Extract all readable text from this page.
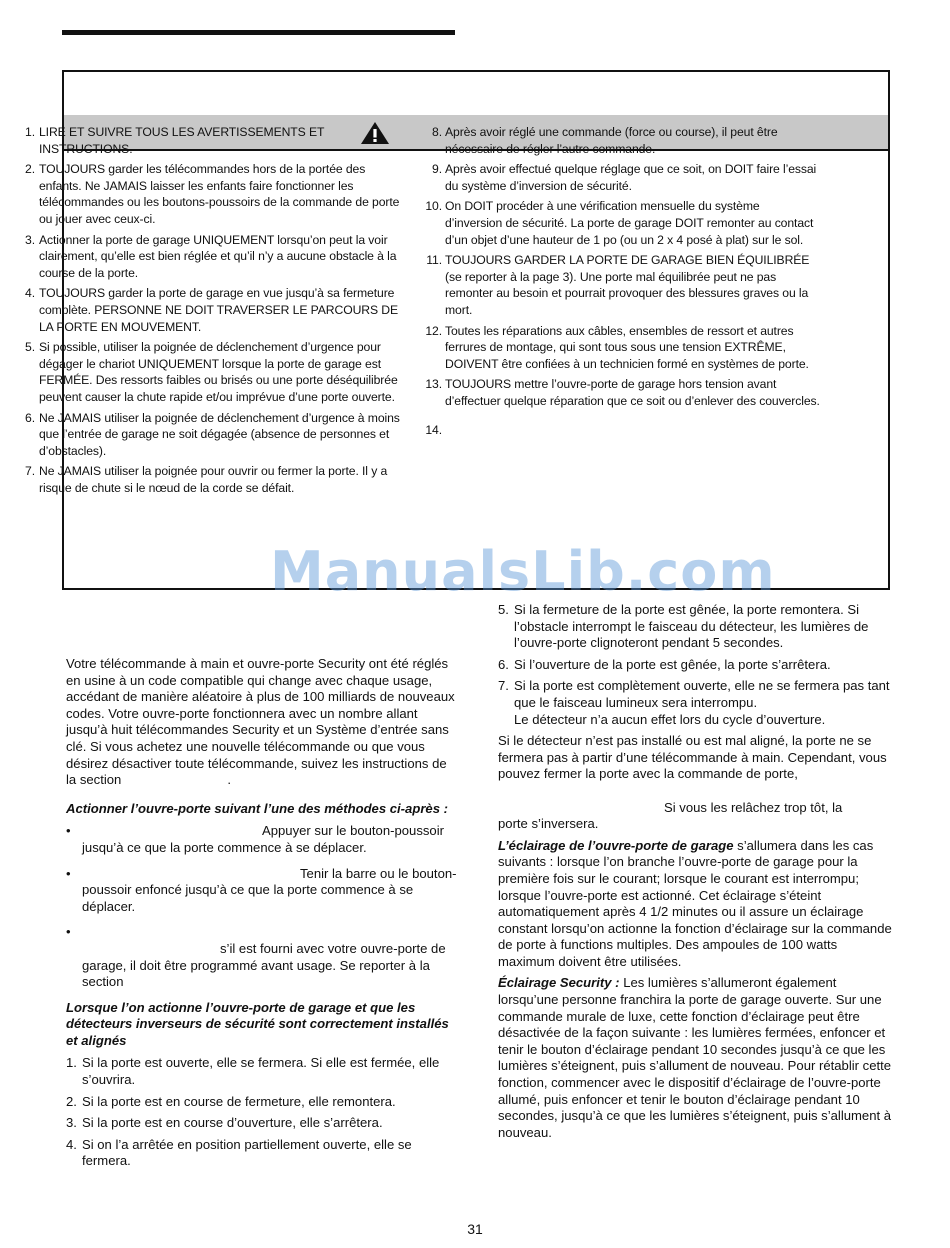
1. LIRE ET SUIVRE TOUS LES AVERTISSEMENTS ET INSTRUCTIONS.
2. TOUJOURS garder les télécommandes hors de la portée des enfants. Ne JAMAIS laisser les enfants faire fonctionner les télécommandes ou les boutons-poussoirs de la commande de porte ou jouer avec ceux-ci.
3. Actionner la porte de garage UNIQUEMENT lorsqu’on peut la voir clairement, qu’elle est bien réglée et qu’il n’y a aucune obstacle à la course de la porte.
4. TOUJOURS garder la porte de garage en vue jusqu’à sa fermeture complète. PERSONNE NE DOIT TRAVERSER LE PARCOURS DE LA PORTE EN MOUVEMENT.
5. Si possible, utiliser la poignée de déclenchement d’urgence pour dégager le chariot UNIQUEMENT lorsque la porte de garage est FERMÉE. Des ressorts faibles ou brisés ou une porte déséquilibrée peuvent causer la chute rapide et/ou imprévue d’une porte ouverte.
6. Ne JAMAIS utiliser la poignée de déclenchement d’urgence à moins que l’entrée de garage ne soit dégagée (absence de personnes et d’obstacles).
7. Ne JAMAIS utiliser la poignée pour ouvrir ou fermer la porte. Il y a risque de chute si le nœud de la corde se défait.
8. Après avoir réglé une commande (force ou course), il peut être nécessaire de régler l’autre commande.
9. Après avoir effectué quelque réglage que ce soit, on DOIT faire l’essai du système d’inversion de sécurité.
10. On DOIT procéder à une vérification mensuelle du système d’inversion de sécurité. La porte de garage DOIT remonter au contact d’un objet d’une hauteur de 1 po (ou un 2 x 4 posé à plat) sur le sol.
11. TOUJOURS GARDER LA PORTE DE GARAGE BIEN ÉQUILIBRÉE (se reporter à la page 3). Une porte mal équilibrée peut ne pas remonter au besoin et pourrait provoquer des blessures graves ou la mort.
12. Toutes les réparations aux câbles, ensembles de ressort et autres ferrures de montage, qui sont tous sous une tension EXTRÊME, DOIVENT être confiées à un technicien formé en systèmes de porte.
13. TOUJOURS mettre l’ouvre-porte de garage hors tension avant d’effectuer quelque réparation que ce soit ou d’enlever des couvercles.
14.
ManualsLib.com

Votre télécommande à main et ouvre-porte Security ont été réglés en usine à un code compatible qui change avec chaque usage, accédant de manière aléatoire à plus de 100 milliards de nouveaux codes. Votre ouvre-porte fonctionnera avec un nombre allant jusqu’à huit télécommandes Security et un Système d’entrée sans clé. Si vous achetez une nouvelle télécommande ou que vous désirez désactiver toute télécommande, suivez les instructions de la section	.

Actionner l’ouvre-porte suivant l’une des méthodes ci-après :

•	Appuyer sur le bouton-poussoir jusqu’à ce que la porte commence à se déplacer.

•	Tenir la barre ou le bouton-poussoir enfoncé jusqu’à ce que la porte commence à se déplacer.

•
s’il est fourni avec votre ouvre-porte de garage, il doit être programmé avant usage. Se reporter à la section

Lorsque l’on actionne l’ouvre-porte de garage et que les détecteurs inverseurs de sécurité sont correctement installés et alignés

1. Si la porte est ouverte, elle se fermera. Si elle est fermée, elle s’ouvrira.
2. Si la porte est en course de fermeture, elle remontera.
3. Si la porte est en course d’ouverture, elle s’arrêtera.
4. Si on l’a arrêtée en position partiellement ouverte, elle se fermera.
5. Si la fermeture de la porte est gênée, la porte remontera. Si l’obstacle interrompt le faisceau du détecteur, les lumières de l’ouvre-porte clignoteront pendant 5 secondes.
6. Si l’ouverture de la porte est gênée, la porte s’arrêtera.
7. Si la porte est complètement ouverte, elle ne se fermera pas tant que le faisceau lumineux sera interrompu.
Le détecteur n’a aucun effet lors du cycle d’ouverture.

Si le détecteur n’est pas installé ou est mal aligné, la porte ne se fermera pas à partir d’une télécommande à main. Cependant, vous pouvez fermer la porte avec la commande de porte,

Si vous les relâchez trop tôt, la

porte s’inversera.

L’éclairage de l’ouvre-porte de garage s’allumera dans les cas suivants : lorsque l’on branche l’ouvre-porte de garage pour la première fois sur le courant; lorsque le courant est interrompu; lorsque l’ouvre-porte est actionné. Cet éclairage s’éteint automatiquement après 4 1/2 minutes ou il assure un éclairage constant lorsqu’on actionne la fonction d’éclairage sur la commande de porte à functions multiples. Des ampoules de 100 watts maximum doivent être utilisées.

Éclairage Security : Les lumières s’allumeront également lorsqu’une personne franchira la porte de garage ouverte. Sur une commande murale de luxe, cette fonction d’éclairage peut être désactivée de la façon suivante : les lumières fermées, enfoncer et tenir le bouton d’éclairage pendant 10 secondes jusqu’à ce que les lumières s’éteignent, puis s’allument de nouveau. Pour rétablir cette fonction, commencer avec le dispositif d’éclairage de l’ouvre-porte allumé, puis enfoncer et tenir le bouton d’éclairage pendant 10 secondes, jusqu’à ce que les lumières s’éteignent, puis s’allument à nouveau.

31
